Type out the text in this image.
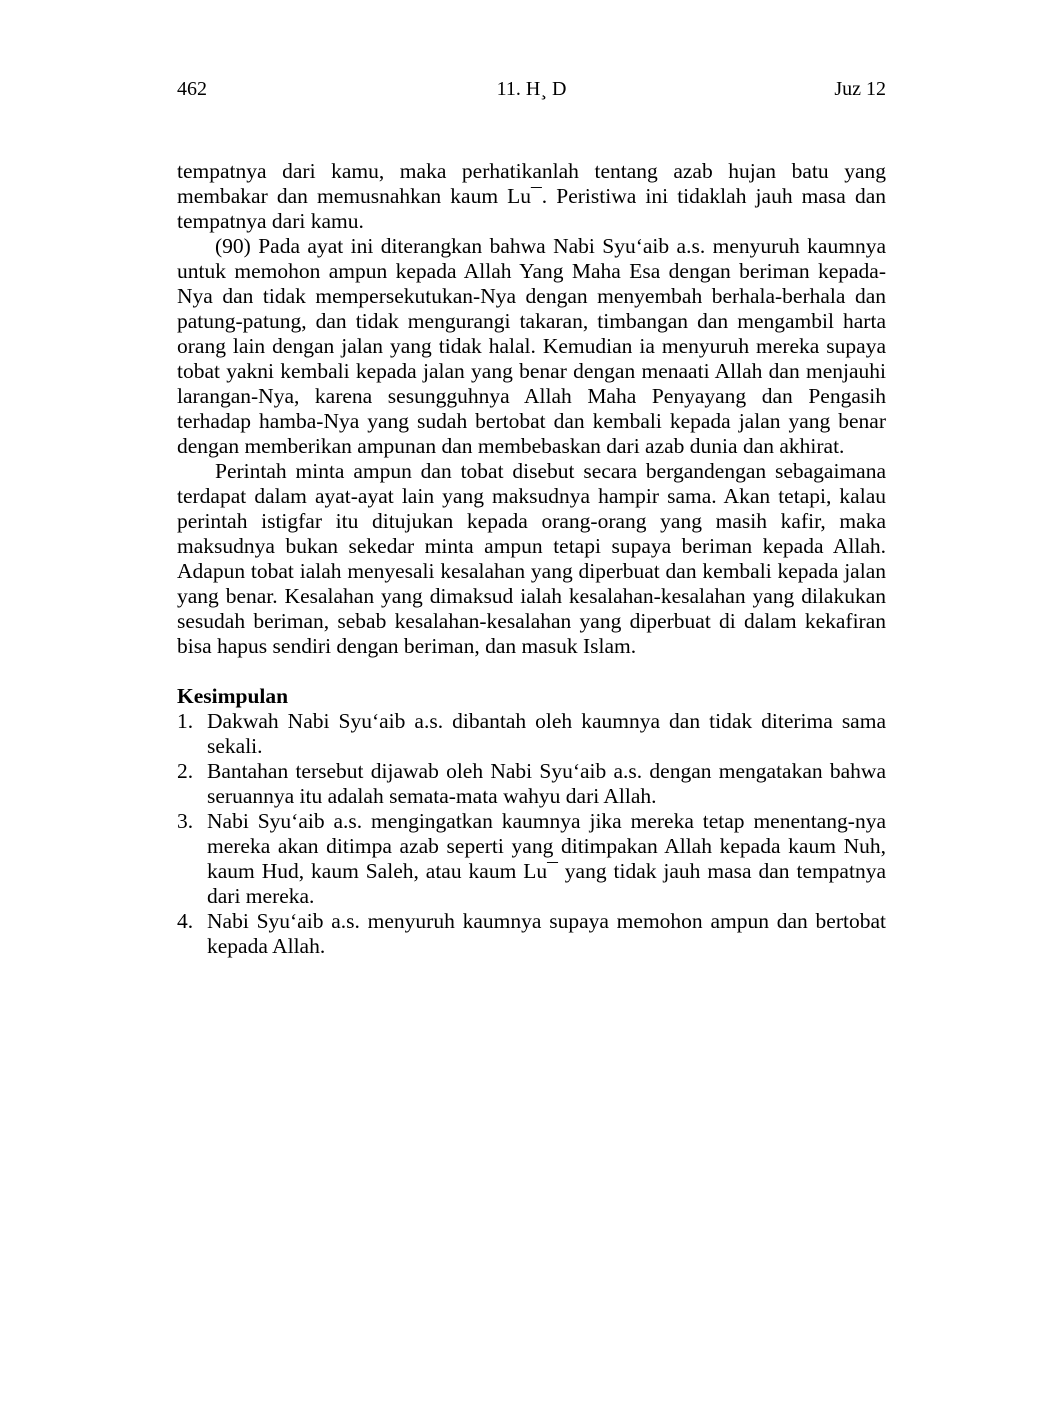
462	11. H¸ D	Juz 12

tempatnya dari kamu, maka perhatikanlah tentang azab hujan batu yang membakar dan memusnahkan kaum Lu¯. Peristiwa ini tidaklah jauh masa dan tempatnya dari kamu.

(90) Pada ayat ini diterangkan bahwa Nabi Syu‘aib a.s. menyuruh kaumnya untuk memohon ampun kepada Allah Yang Maha Esa dengan beriman kepada-Nya dan tidak mempersekutukan-Nya dengan menyembah berhala-berhala dan patung-patung, dan tidak mengurangi takaran, timbangan dan mengambil harta orang lain dengan jalan yang tidak halal. Kemudian ia menyuruh mereka supaya tobat yakni kembali kepada jalan yang benar dengan menaati Allah dan menjauhi larangan-Nya, karena sesungguhnya Allah Maha Penyayang dan Pengasih terhadap hamba-Nya yang sudah bertobat dan kembali kepada jalan yang benar dengan memberikan ampunan dan membebaskan dari azab dunia dan akhirat.

Perintah minta ampun dan tobat disebut secara bergandengan sebagaimana terdapat dalam ayat-ayat lain yang maksudnya hampir sama. Akan tetapi, kalau perintah istigfar itu ditujukan kepada orang-orang yang masih kafir, maka maksudnya bukan sekedar minta ampun tetapi supaya beriman kepada Allah. Adapun tobat ialah menyesali kesalahan yang diperbuat dan kembali kepada jalan yang benar. Kesalahan yang dimaksud ialah kesalahan-kesalahan yang dilakukan sesudah beriman, sebab kesalahan-kesalahan yang diperbuat di dalam kekafiran bisa hapus sendiri dengan beriman, dan masuk Islam.

Kesimpulan
1. Dakwah Nabi Syu‘aib a.s. dibantah oleh kaumnya dan tidak diterima sama sekali.
2. Bantahan tersebut dijawab oleh Nabi Syu‘aib a.s. dengan mengatakan bahwa seruannya itu adalah semata-mata wahyu dari Allah.
3. Nabi Syu‘aib a.s. mengingatkan kaumnya jika mereka tetap menentang-nya mereka akan ditimpa azab seperti yang ditimpakan Allah kepada kaum Nuh, kaum Hud, kaum Saleh, atau kaum Lu¯ yang tidak jauh masa dan tempatnya dari mereka.
4. Nabi Syu‘aib a.s. menyuruh kaumnya supaya memohon ampun dan bertobat kepada Allah.
